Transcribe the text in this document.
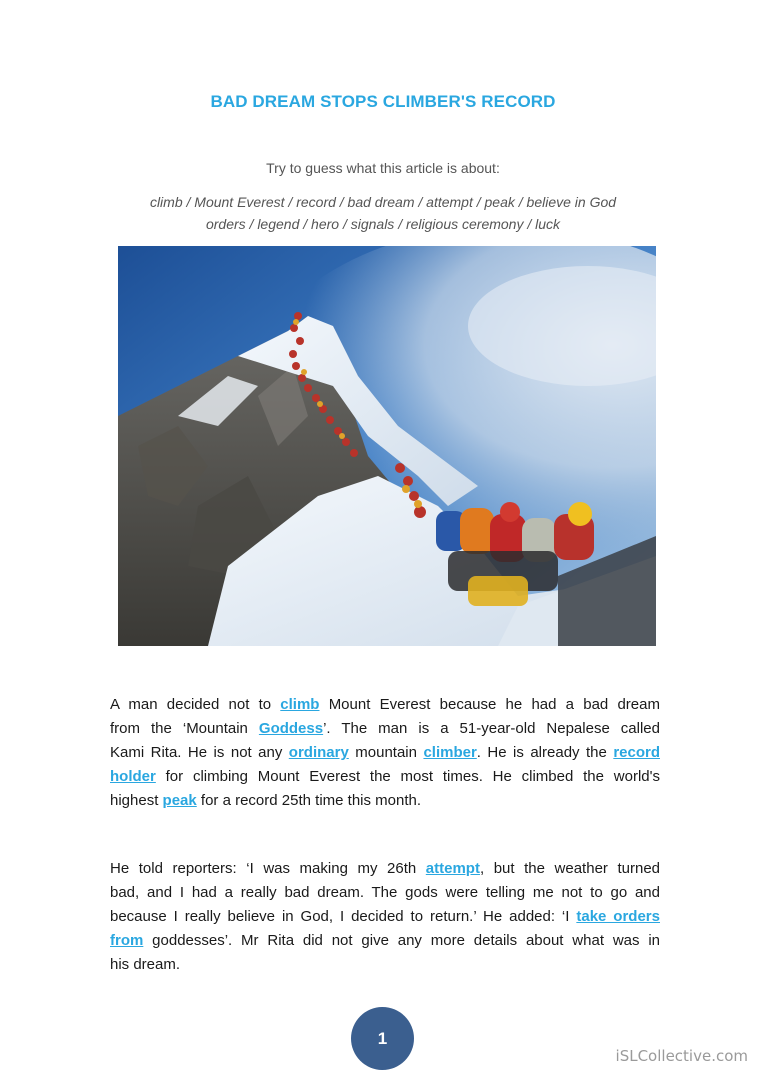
BAD DREAM STOPS CLIMBER'S RECORD
Try to guess what this article is about:
climb / Mount Everest / record / bad dream / attempt / peak / believe in God
orders / legend / hero / signals / religious ceremony / luck
A man decided not to climb Mount Everest because he had a bad dream
from the ‘Mountain Goddess’. The man is a 51-year-old Nepalese called
Kami Rita. He is not any ordinary mountain climber. He is already the record
holder for climbing Mount Everest the most times. He climbed the world's
highest peak for a record 25th time this month.
He told reporters: ‘I was making my 26th attempt, but the weather turned
bad, and I had a really bad dream. The gods were telling me not to go and
because I really believe in God, I decided to return.’ He added: ‘I take orders
from goddesses’. Mr Rita did not give any more details about what was in
his dream.
1
iSLCollective.com
